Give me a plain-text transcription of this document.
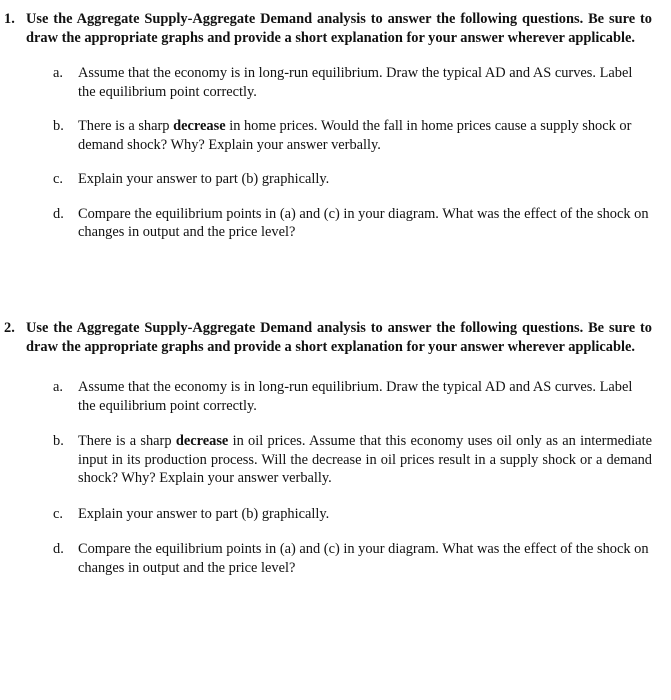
1. Use the Aggregate Supply-Aggregate Demand analysis to answer the following questions. Be sure to draw the appropriate graphs and provide a short explanation for your answer wherever applicable.
a.	Assume that the economy is in long-run equilibrium. Draw the typical AD and AS curves. Label the equilibrium point correctly.
b. There is a sharp decrease in home prices. Would the fall in home prices cause a supply shock or demand shock? Why? Explain your answer verbally.
c.	Explain your answer to part (b) graphically.
d. Compare the equilibrium points in (a) and (c) in your diagram. What was the effect of the shock on changes in output and the price level?
2. Use the Aggregate Supply-Aggregate Demand analysis to answer the following questions. Be sure to draw the appropriate graphs and provide a short explanation for your answer wherever applicable.
a.	Assume that the economy is in long-run equilibrium. Draw the typical AD and AS curves. Label the equilibrium point correctly.
b. There is a sharp decrease in oil prices. Assume that this economy uses oil only as an intermediate input in its production process. Will the decrease in oil prices result in a supply shock or a demand shock? Why? Explain your answer verbally.
c.	Explain your answer to part (b) graphically.
d. Compare the equilibrium points in (a) and (c) in your diagram. What was the effect of the shock on changes in output and the price level?
